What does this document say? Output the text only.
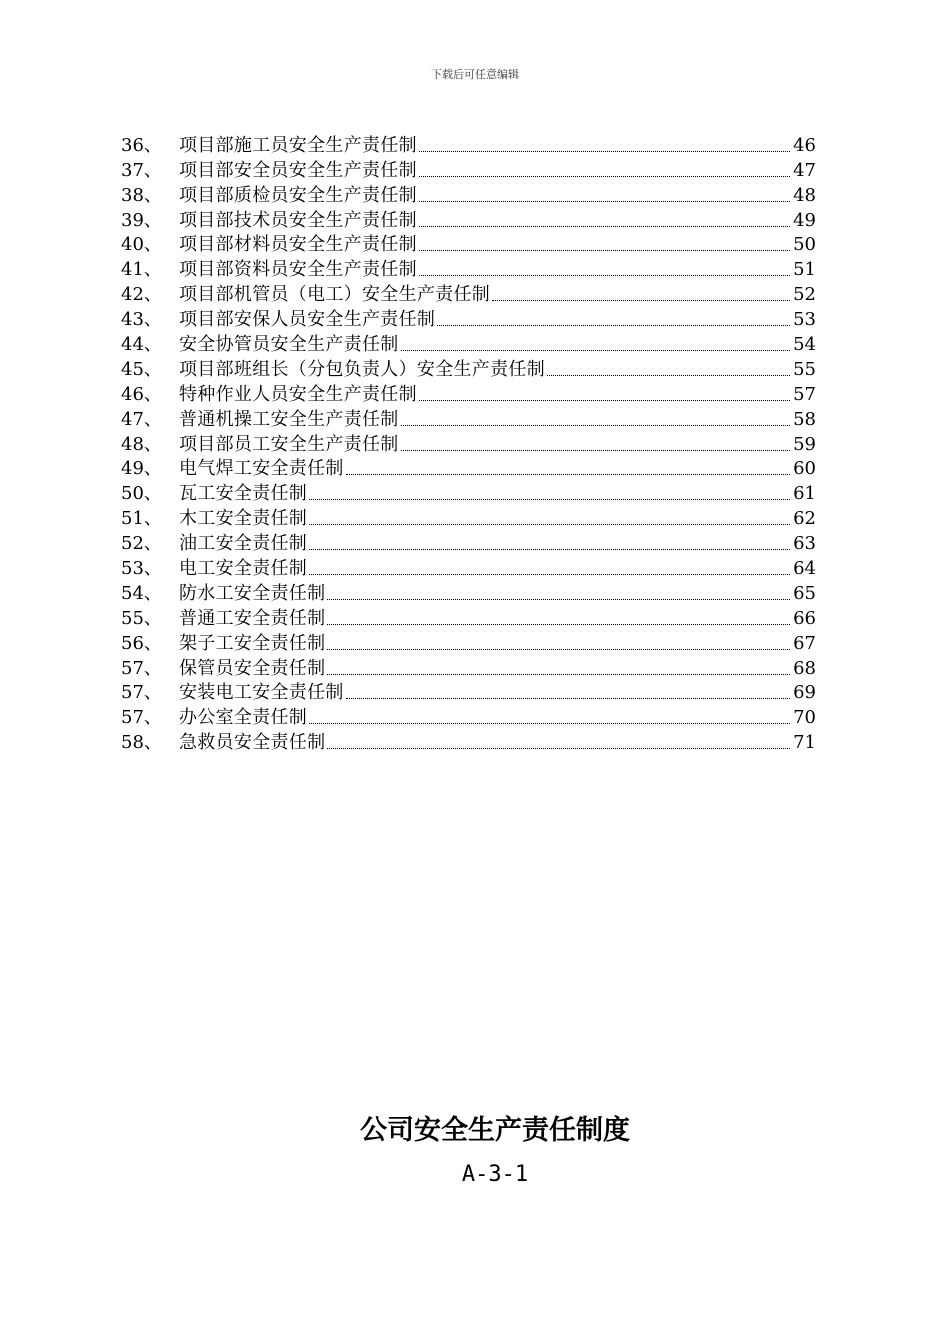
下载后可任意编辑
36、 项目部施工员安全生产责任制	46
37、 项目部安全员安全生产责任制	47
38、 项目部质检员安全生产责任制	48
39、 项目部技术员安全生产责任制	49
40、 项目部材料员安全生产责任制	50
41、 项目部资料员安全生产责任制	51
42、 项目部机管员（电工）安全生产责任制	52
43、 项目部安保人员安全生产责任制	53
44、 安全协管员安全生产责任制	54
45、 项目部班组长（分包负责人）安全生产责任制	55
46、 特种作业人员安全生产责任制	57
47、 普通机操工安全生产责任制	58
48、 项目部员工安全生产责任制	59
49、 电气焊工安全责任制	60
50、 瓦工安全责任制	61
51、 木工安全责任制	62
52、 油工安全责任制	63
53、 电工安全责任制	64
54、 防水工安全责任制	65
55、 普通工安全责任制	66
56、 架子工安全责任制	67
57、 保管员安全责任制	68
57、 安装电工安全责任制	69
57、 办公室全责任制	70
58、 急救员安全责任制	71
公司安全生产责任制度
A-3-1
